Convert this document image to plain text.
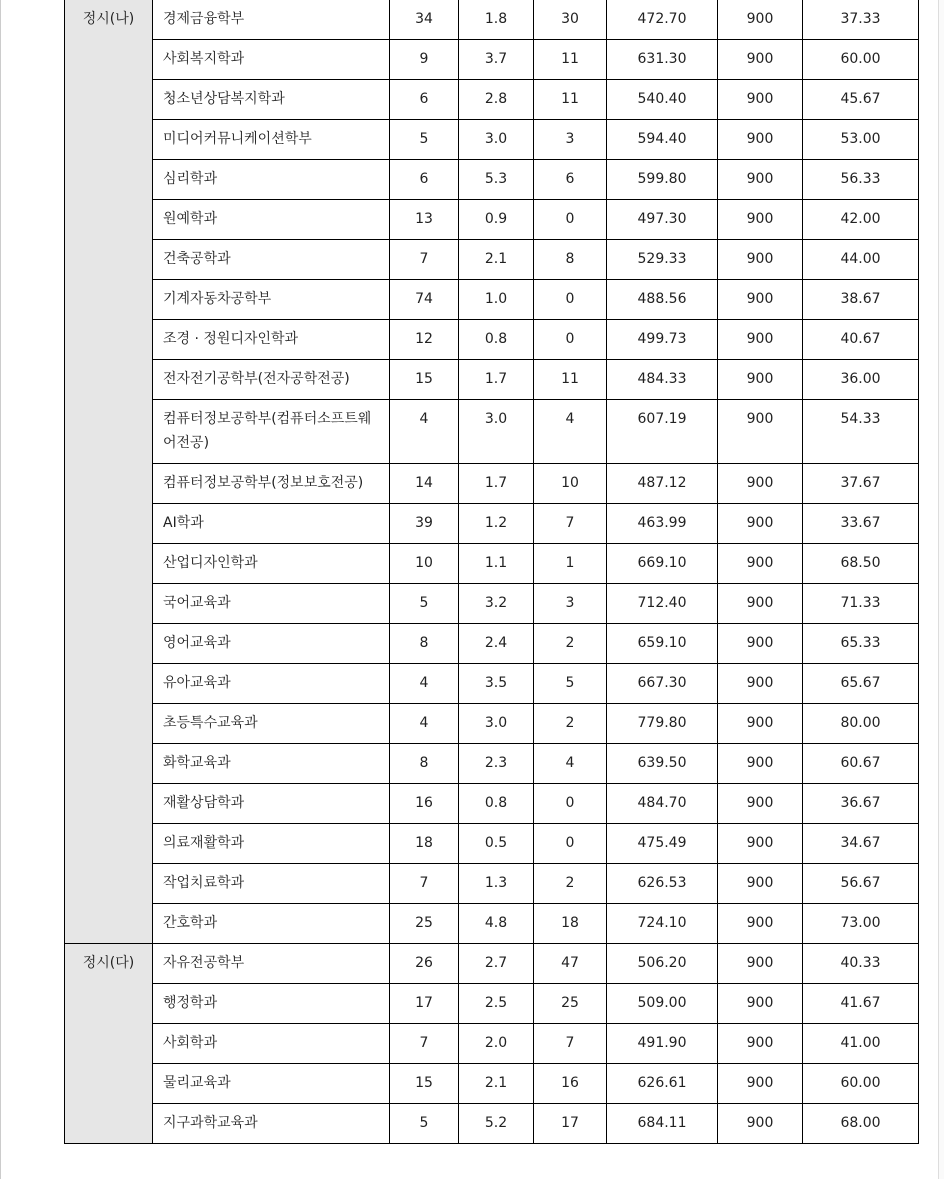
정시(나)	경제금융학부	34	1.8	30	472.70	900	37.33
	사회복지학과	9	3.7	11	631.30	900	60.00
	청소년상담복지학과	6	2.8	11	540.40	900	45.67
	미디어커뮤니케이션학부	5	3.0	3	594.40	900	53.00
	심리학과	6	5.3	6	599.80	900	56.33
	원예학과	13	0.9	0	497.30	900	42.00
	건축공학과	7	2.1	8	529.33	900	44.00
	기계자동차공학부	74	1.0	0	488.56	900	38.67
	조경 · 정원디자인학과	12	0.8	0	499.73	900	40.67
	전자전기공학부(전자공학전공)	15	1.7	11	484.33	900	36.00
	컴퓨터정보공학부(컴퓨터소프트웨어전공)	4	3.0	4	607.19	900	54.33
	컴퓨터정보공학부(정보보호전공)	14	1.7	10	487.12	900	37.67
	AI학과	39	1.2	7	463.99	900	33.67
	산업디자인학과	10	1.1	1	669.10	900	68.50
	국어교육과	5	3.2	3	712.40	900	71.33
	영어교육과	8	2.4	2	659.10	900	65.33
	유아교육과	4	3.5	5	667.30	900	65.67
	초등특수교육과	4	3.0	2	779.80	900	80.00
	화학교육과	8	2.3	4	639.50	900	60.67
	재활상담학과	16	0.8	0	484.70	900	36.67
	의료재활학과	18	0.5	0	475.49	900	34.67
	작업치료학과	7	1.3	2	626.53	900	56.67
	간호학과	25	4.8	18	724.10	900	73.00
정시(다)	자유전공학부	26	2.7	47	506.20	900	40.33
	행정학과	17	2.5	25	509.00	900	41.67
	사회학과	7	2.0	7	491.90	900	41.00
	물리교육과	15	2.1	16	626.61	900	60.00
	지구과학교육과	5	5.2	17	684.11	900	68.00
